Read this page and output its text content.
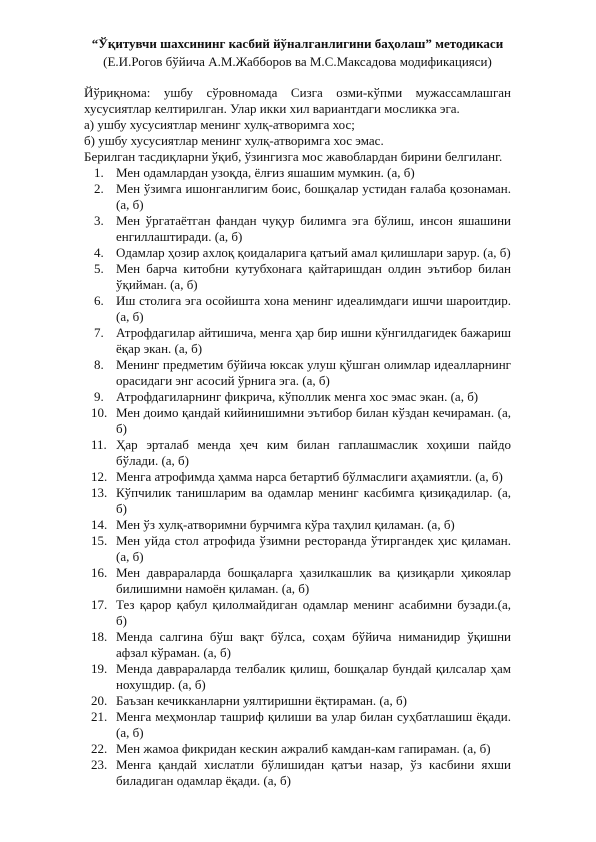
“Ўқитувчи шахсининг касбий йўналганлигини баҳолаш” методикаси

(Е.И.Рогов бўйича А.М.Жабборов ва М.С.Максадова модификацияси)

Йўриқнома: ушбу сўровномада Сизга озми-кўпми мужассамлашган

хусусиятлар келтирилган. Улар икки хил вариантдаги мосликка эга.

а) ушбу хусусиятлар менинг хулқ-атворимга хос;

б) ушбу хусусиятлар менинг хулқ-атворимга хос эмас.

Берилган тасдиқларни ўқиб, ўзингизга мос жавоблардан бирини белгиланг.

1. Мен одамлардан узоқда, ёлғиз яшашим мумкин. (а, б)
2. Мен ўзимга ишонганлигим боис, бошқалар устидан ғалаба қозонаман. (а, б)
3. Мен ўргатаётган фандан чуқур билимга эга бўлиш, инсон яшашини енгиллаштиради. (а, б)
4. Одамлар ҳозир ахлоқ қоидаларига қатъий амал қилишлари зарур. (а, б)
5. Мен барча китобни кутубхонага қайтаришдан олдин эътибор билан ўқийман. (а, б)
6. Иш столига эга осойишта хона менинг идеалимдаги ишчи шароитдир. (а, б)
7. Атрофдагилар айтишича, менга ҳар бир ишни кўнгилдагидек бажариш ёқар экан. (а, б)
8. Менинг предметим бўйича юксак улуш қўшган олимлар идеалларнинг орасидаги энг асосий ўрнига эга. (а, б)
9. Атрофдагиларнинг фикрича, кўполлик менга хос эмас экан. (а, б)
10. Мен доимо қандай кийинишимни эътибор билан кўздан кечираман. (а, б)
11. Ҳар эрталаб менда ҳеч ким билан гаплашмаслик хоҳиши пайдо бўлади. (а, б)
12. Менга атрофимда ҳамма нарса бетартиб бўлмаслиги аҳамиятли. (а, б)
13. Кўпчилик танишларим ва одамлар менинг касбимга қизиқадилар. (а, б)
14. Мен ўз хулқ-атворимни бурчимга кўра таҳлил қиламан. (а, б)
15. Мен уйда стол атрофида ўзимни ресторанда ўтиргандек ҳис қиламан. (а, б)
16. Мен даврараларда бошқаларга ҳазилкашлик ва қизиқарли ҳикоялар билишимни намоён қиламан. (а, б)
17. Тез қарор қабул қилолмайдиган одамлар менинг асабимни бузади.(а, б)
18. Менда салгина бўш вақт бўлса, соҳам бўйича ниманидир ўқишни афзал кўраман. (а, б)
19. Менда даврараларда телбалик қилиш, бошқалар бундай қилсалар ҳам нохушдир. (а, б)
20. Баъзан кечикканларни уялтиришни ёқтираман. (а, б)
21. Менга меҳмонлар ташриф қилиши ва улар билан суҳбатлашиш ёқади. (а, б)
22. Мен жамоа фикридан кескин ажралиб камдан-кам гапираман. (а, б)
23. Менга қандай хислатли бўлишидан қатъи назар, ўз касбини яхши биладиган одамлар ёқади. (а, б)
